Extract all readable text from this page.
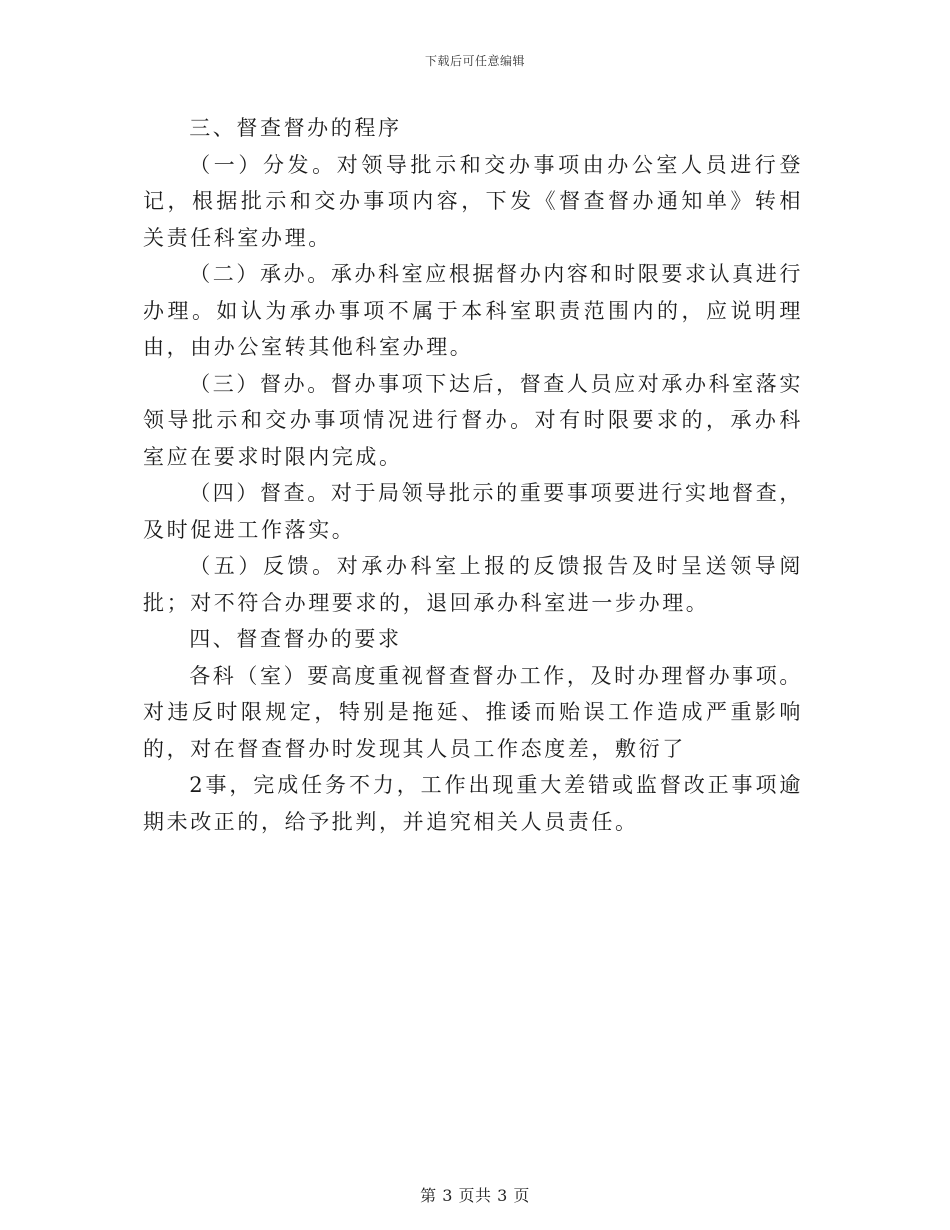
下载后可任意编辑

三、督查督办的程序

（一）分发。对领导批示和交办事项由办公室人员进行登记，根据批示和交办事项内容，下发《督查督办通知单》转相关责任科室办理。

（二）承办。承办科室应根据督办内容和时限要求认真进行办理。如认为承办事项不属于本科室职责范围内的，应说明理由，由办公室转其他科室办理。

（三）督办。督办事项下达后，督查人员应对承办科室落实领导批示和交办事项情况进行督办。对有时限要求的，承办科室应在要求时限内完成。

（四）督查。对于局领导批示的重要事项要进行实地督查，及时促进工作落实。

（五）反馈。对承办科室上报的反馈报告及时呈送领导阅批；对不符合办理要求的，退回承办科室进一步办理。

四、督查督办的要求

各科（室）要高度重视督查督办工作，及时办理督办事项。对违反时限规定，特别是拖延、推诿而贻误工作造成严重影响的，对在督查督办时发现其人员工作态度差，敷衍了

2事，完成任务不力，工作出现重大差错或监督改正事项逾期未改正的，给予批判，并追究相关人员责任。

第 3 页共 3 页
